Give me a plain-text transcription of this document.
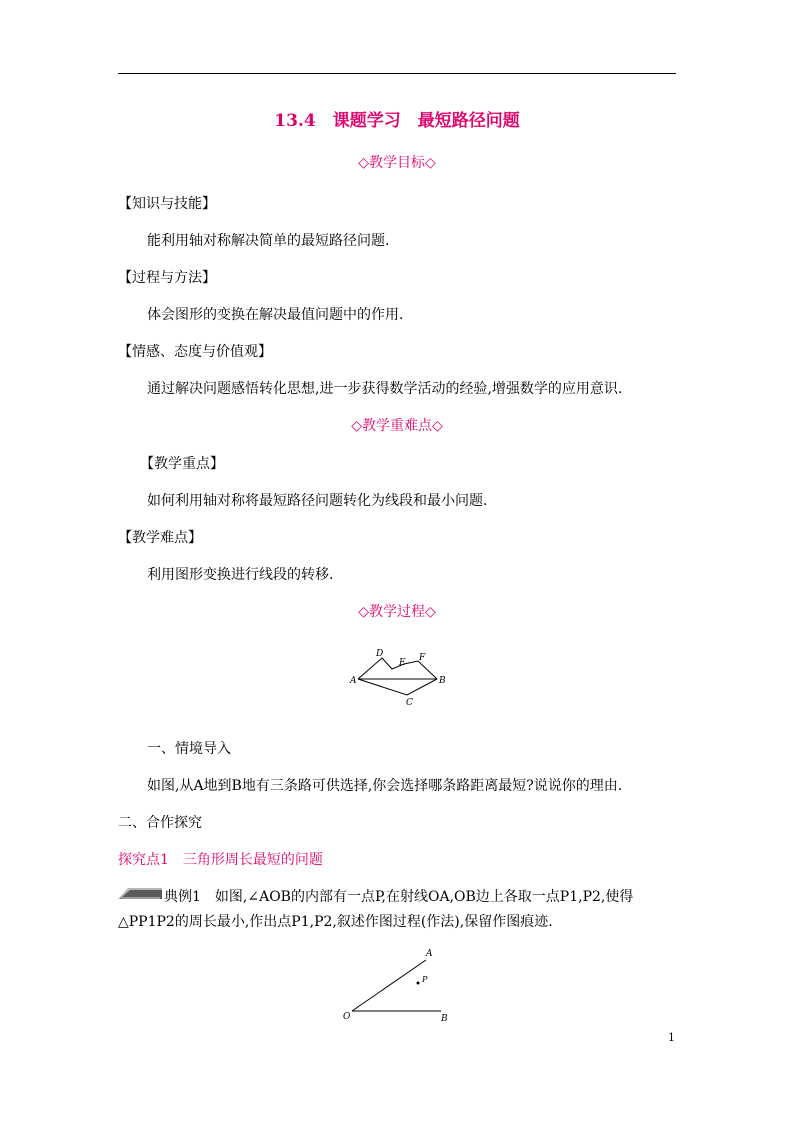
13.4　课题学习　最短路径问题
◇教学目标◇
【知识与技能】
能利用轴对称解决简单的最短路径问题.
【过程与方法】
体会图形的变换在解决最值问题中的作用.
【情感、态度与价值观】
通过解决问题感悟转化思想,进一步获得数学活动的经验,增强数学的应用意识.
◇教学重难点◇
【教学重点】
如何利用轴对称将最短路径问题转化为线段和最小问题.
【教学难点】
利用图形变换进行线段的转移.
◇教学过程◇
D
E F
A	B
C
一、情境导入
如图,从A地到B地有三条路可供选择,你会选择哪条路距离最短?说说你的理由.
二、合作探究
探究点1　三角形周长最短的问题
典例1　如图,∠AOB的内部有一点P,在射线OA,OB边上各取一点P1,P2,使得
△PP1P2的周长最小,作出点P1,P2,叙述作图过程(作法),保留作图痕迹.
A
P
O	B
1
